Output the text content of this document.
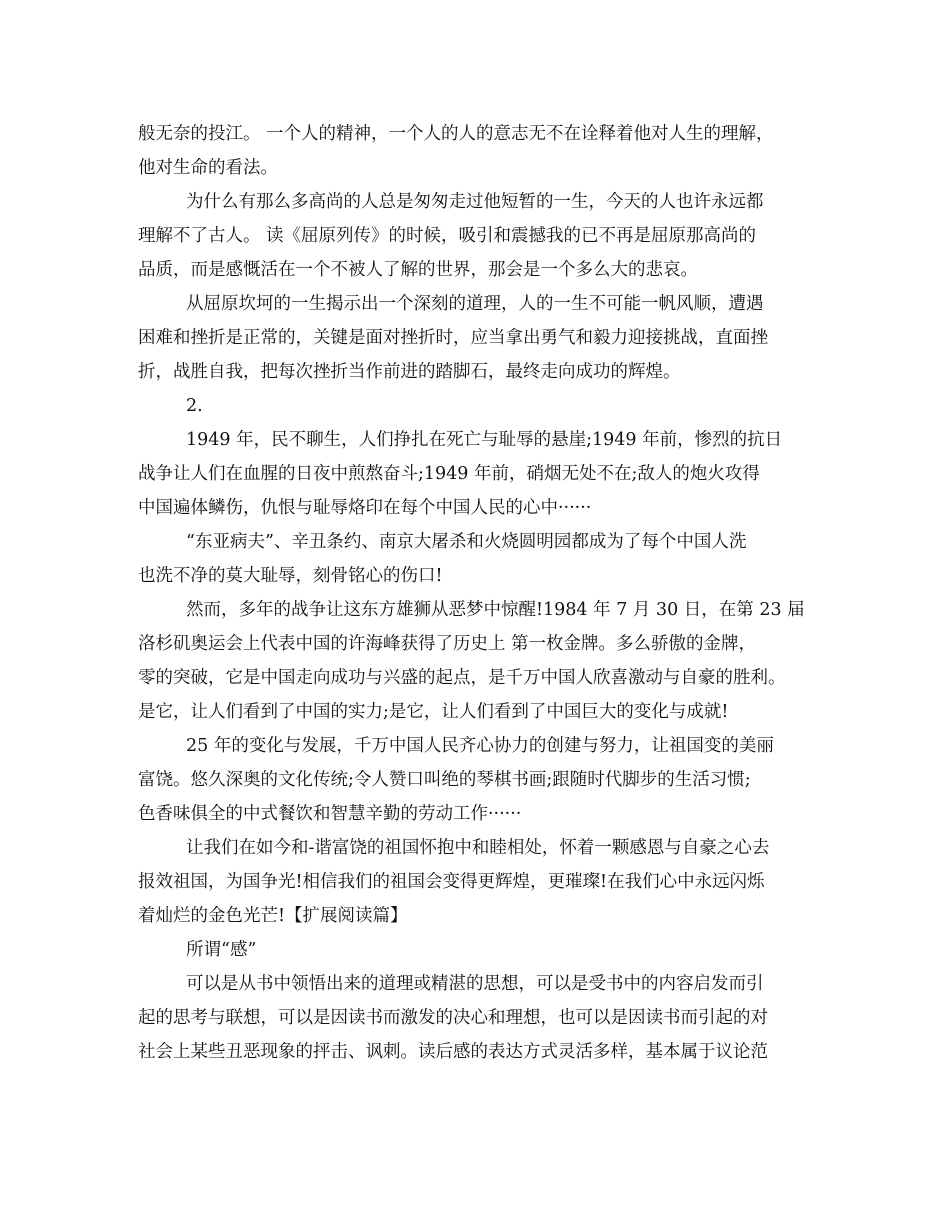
般无奈的投江。 一个人的精神，一个人的人的意志无不在诠释着他对人生的理解，
他对生命的看法。
为什么有那么多高尚的人总是匆匆走过他短暂的一生，今天的人也许永远都
理解不了古人。 读《屈原列传》的时候，吸引和震撼我的已不再是屈原那高尚的
品质，而是感慨活在一个不被人了解的世界，那会是一个多么大的悲哀。
从屈原坎坷的一生揭示出一个深刻的道理，人的一生不可能一帆风顺，遭遇
困难和挫折是正常的，关键是面对挫折时，应当拿出勇气和毅力迎接挑战，直面挫
折，战胜自我，把每次挫折当作前进的踏脚石，最终走向成功的辉煌。
2.
1949 年，民不聊生，人们挣扎在死亡与耻辱的悬崖;1949 年前，惨烈的抗日
战争让人们在血腥的日夜中煎熬奋斗;1949 年前，硝烟无处不在;敌人的炮火攻得
中国遍体鳞伤，仇恨与耻辱烙印在每个中国人民的心中······
“东亚病夫”、辛丑条约、南京大屠杀和火烧圆明园都成为了每个中国人洗
也洗不净的莫大耻辱，刻骨铭心的伤口!
然而，多年的战争让这东方雄狮从恶梦中惊醒!1984 年 7 月 30 日，在第 23 届
洛杉矶奥运会上代表中国的许海峰获得了历史上 第一枚金牌。多么骄傲的金牌，
零的突破，它是中国走向成功与兴盛的起点，是千万中国人欣喜激动与自豪的胜利。
是它，让人们看到了中国的实力;是它，让人们看到了中国巨大的变化与成就!
25 年的变化与发展，千万中国人民齐心协力的创建与努力，让祖国变的美丽
富饶。悠久深奥的文化传统;令人赞口叫绝的琴棋书画;跟随时代脚步的生活习惯;
色香味俱全的中式餐饮和智慧辛勤的劳动工作······
让我们在如今和-谐富饶的祖国怀抱中和睦相处，怀着一颗感恩与自豪之心去
报效祖国，为国争光!相信我们的祖国会变得更辉煌，更璀璨!在我们心中永远闪烁
着灿烂的金色光芒!【扩展阅读篇】
所谓“感”
可以是从书中领悟出来的道理或精湛的思想，可以是受书中的内容启发而引
起的思考与联想，可以是因读书而激发的决心和理想，也可以是因读书而引起的对
社会上某些丑恶现象的抨击、讽刺。读后感的表达方式灵活多样，基本属于议论范
